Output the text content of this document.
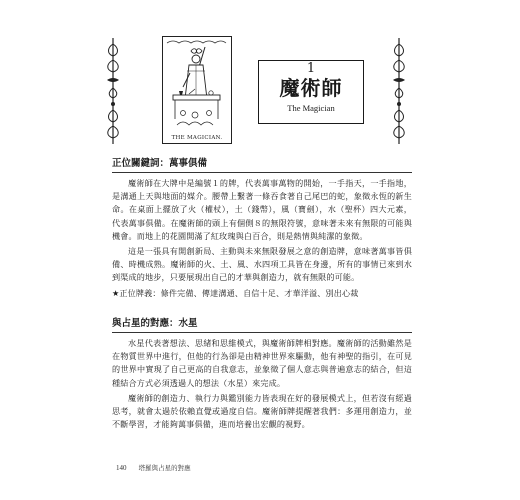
THE MAGICIAN.
1
魔術師
The Magician
正位關鍵詞：萬事俱備

魔術師在大牌中是編號１的牌，代表萬事萬物的開始，一手指天，一手指地，是溝通上天與地面的媒介。腰帶上繫著一條吞食著自己尾巴的蛇，象徵永恆的新生命。在桌面上擺放了火（權杖），土（錢幣），風（寶劍），水（聖杯）四大元素，代表萬事俱備。在魔術師的頭上有個側８的無限符號，意味著未來有無限的可能與機會。而地上的花園開滿了紅玫瑰與白百合，則是熱情與純潔的象徵。

這是一張具有開創新局、主動與未來無限發展之意的創造牌，意味著萬事皆俱備、時機成熟。魔術師的火、土、風、水四項工具皆在身邊，所有的事情已來到水到渠成的地步，只要展現出自己的才華與創造力，就有無限的可能。

★正位牌義：條件完備、傳達溝通、自信十足、才華洋溢、別出心裁

與占星的對應：水星

水星代表著想法、思緒和思維模式，與魔術師牌相對應。魔術師的活動雖然是在物質世界中進行，但他的行為卻是由精神世界來驅動，他有神聖的指引，在可見的世界中實現了自己更高的自我意志，並象徵了個人意志與普遍意志的結合，但這種結合方式必須透過人的想法（水星）來完成。

魔術師的創造力、執行力與鑑別能力皆表現在好的發展模式上，但若沒有經過思考，就會太過於依賴直覺或過度自信。魔術師牌提醒著我們：多運用創造力，並不斷學習，才能夠萬事俱備，進而培養出宏觀的視野。

140 塔羅與占星的對應
